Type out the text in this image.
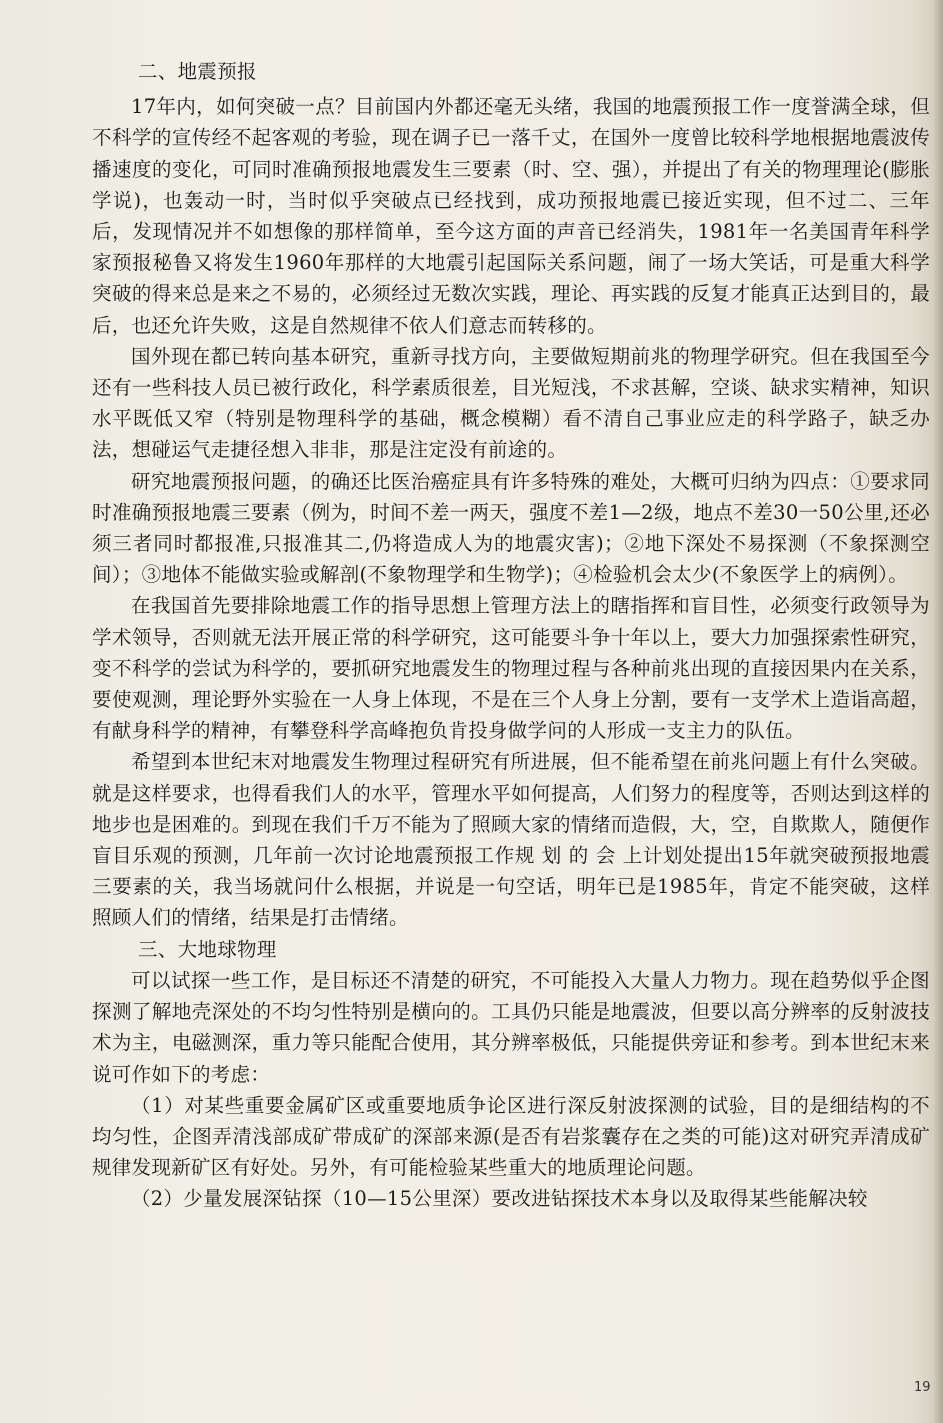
二、地震预报

17年内，如何突破一点？目前国内外都还毫无头绪，我国的地震预报工作一度誉满全球，但不科学的宣传经不起客观的考验，现在调子已一落千丈，在国外一度曾比较科学地根据地震波传播速度的变化，可同时准确预报地震发生三要素（时、空、强），并提出了有关的物理理论(膨胀学说)，也轰动一时，当时似乎突破点已经找到，成功预报地震已接近实现，但不过二、三年后，发现情况并不如想像的那样简单，至今这方面的声音已经消失，1981年一名美国青年科学家预报秘鲁又将发生1960年那样的大地震引起国际关系问题，闹了一场大笑话，可是重大科学突破的得来总是来之不易的，必须经过无数次实践，理论、再实践的反复才能真正达到目的，最后，也还允许失败，这是自然规律不依人们意志而转移的。

国外现在都已转向基本研究，重新寻找方向，主要做短期前兆的物理学研究。但在我国至今还有一些科技人员已被行政化，科学素质很差，目光短浅，不求甚解，空谈、缺求实精神，知识水平既低又窄（特别是物理科学的基础，概念模糊）看不清自己事业应走的科学路子，缺乏办法，想碰运气走捷径想入非非，那是注定没有前途的。

研究地震预报问题，的确还比医治癌症具有许多特殊的难处，大概可归纳为四点：①要求同时准确预报地震三要素（例为，时间不差一两天，强度不差1—2级，地点不差30一50公里,还必须三者同时都报准,只报准其二,仍将造成人为的地震灾害)；②地下深处不易探测（不象探测空间）；③地体不能做实验或解剖(不象物理学和生物学)；④检验机会太少(不象医学上的病例）。

在我国首先要排除地震工作的指导思想上管理方法上的瞎指挥和盲目性，必须变行政领导为学术领导，否则就无法开展正常的科学研究，这可能要斗争十年以上，要大力加强探索性研究，变不科学的尝试为科学的，要抓研究地震发生的物理过程与各种前兆出现的直接因果内在关系，要使观测，理论野外实验在一人身上体现，不是在三个人身上分割，要有一支学术上造诣高超，有献身科学的精神，有攀登科学高峰抱负肯投身做学问的人形成一支主力的队伍。

希望到本世纪末对地震发生物理过程研究有所进展，但不能希望在前兆问题上有什么突破。就是这样要求，也得看我们人的水平，管理水平如何提高，人们努力的程度等，否则达到这样的地步也是困难的。到现在我们千万不能为了照顾大家的情绪而造假，大，空，自欺欺人，随便作盲目乐观的预测，几年前一次讨论地震预报工作规 划 的 会 上计划处提出15年就突破预报地震三要素的关，我当场就问什么根据，并说是一句空话，明年已是1985年，肯定不能突破，这样照顾人们的情绪，结果是打击情绪。

三、大地球物理

可以试探一些工作，是目标还不清楚的研究，不可能投入大量人力物力。现在趋势似乎企图探测了解地壳深处的不均匀性特别是横向的。工具仍只能是地震波，但要以高分辨率的反射波技术为主，电磁测深，重力等只能配合使用，其分辨率极低，只能提供旁证和参考。到本世纪末来说可作如下的考虑：

（1）对某些重要金属矿区或重要地质争论区进行深反射波探测的试验，目的是细结构的不均匀性，企图弄清浅部成矿带成矿的深部来源(是否有岩浆囊存在之类的可能)这对研究弄清成矿规律发现新矿区有好处。另外，有可能检验某些重大的地质理论问题。

（2）少量发展深钻探（10—15公里深）要改进钻探技术本身以及取得某些能解决较

19
